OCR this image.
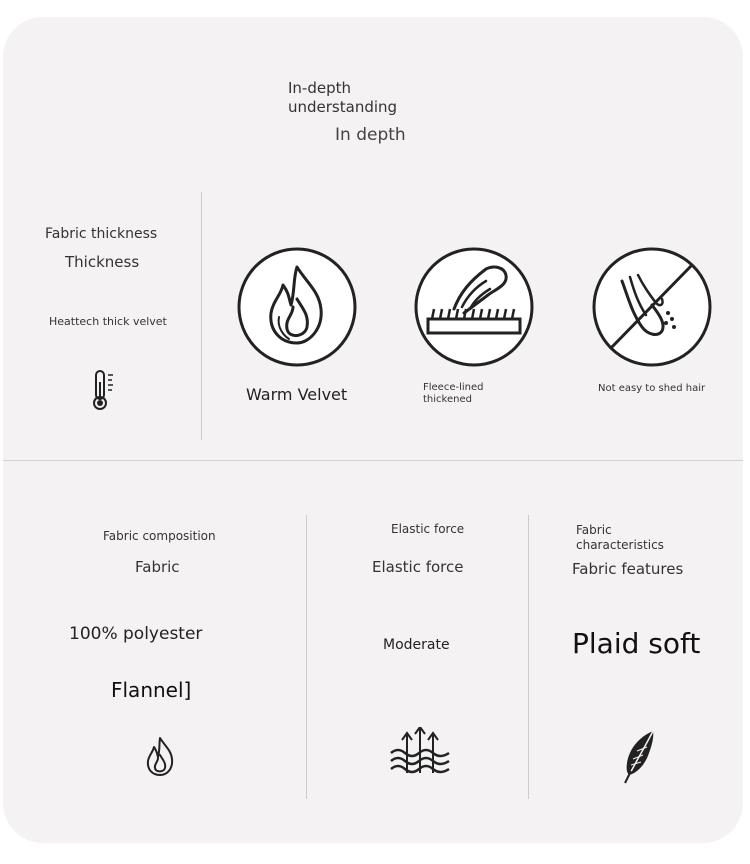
In-depth understanding
In depth
Fabric thickness
Thickness
Heattech thick velvet
Warm Velvet	Fleece-lined thickened
Not easy to shed hair
Fabric composition
Fabric
100% polyester
Flannel]
Elastic force
Elastic force
Moderate
Fabric characteristics
Fabric features
Plaid soft
